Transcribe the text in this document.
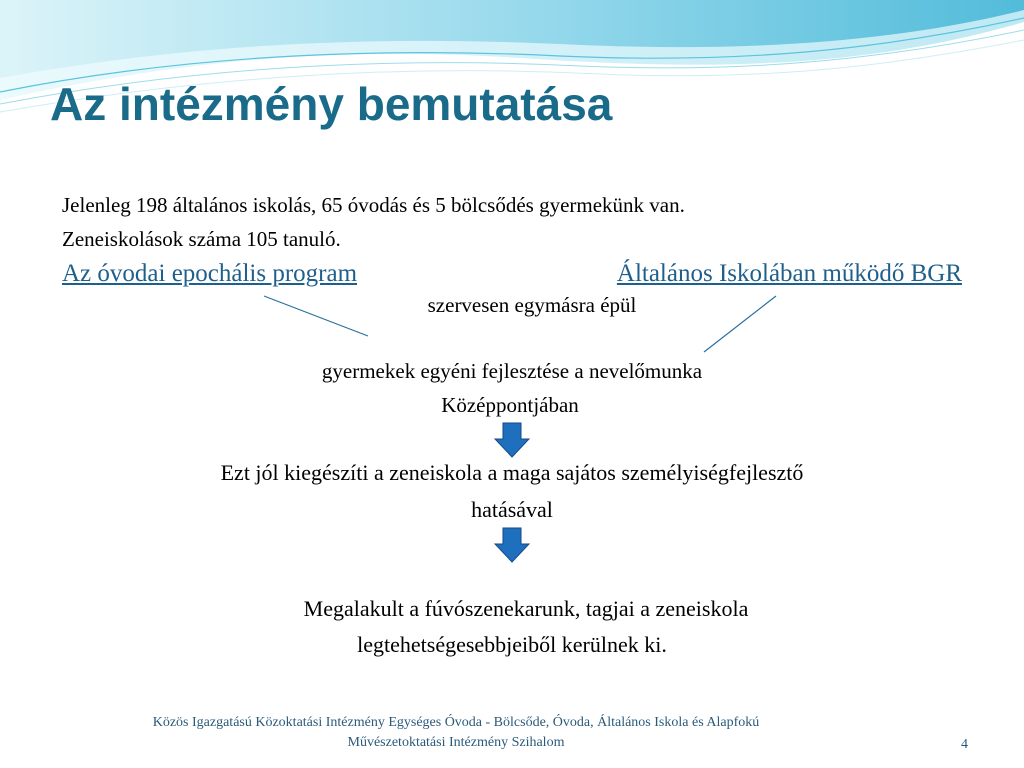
Az intézmény bemutatása
Jelenleg 198 általános iskolás, 65 óvodás és 5 bölcsődés gyermekünk van.
Zeneiskolások száma 105 tanuló.
Az óvodai epochális program	Általános Iskolában működő BGR
szervesen egymásra épül
gyermekek egyéni fejlesztése a nevelőmunka
Középpontjában
Ezt jól kiegészíti a zeneiskola a maga sajátos személyiségfejlesztő
hatásával
Megalakult a fúvószenekarunk, tagjai a zeneiskola
legtehetségesebbjeiből kerülnek ki.
Közös Igazgatású Közoktatási Intézmény Egységes Óvoda - Bölcsőde, Óvoda, Általános Iskola és Alapfokú
Művészetoktatási Intézmény Szihalom	4
